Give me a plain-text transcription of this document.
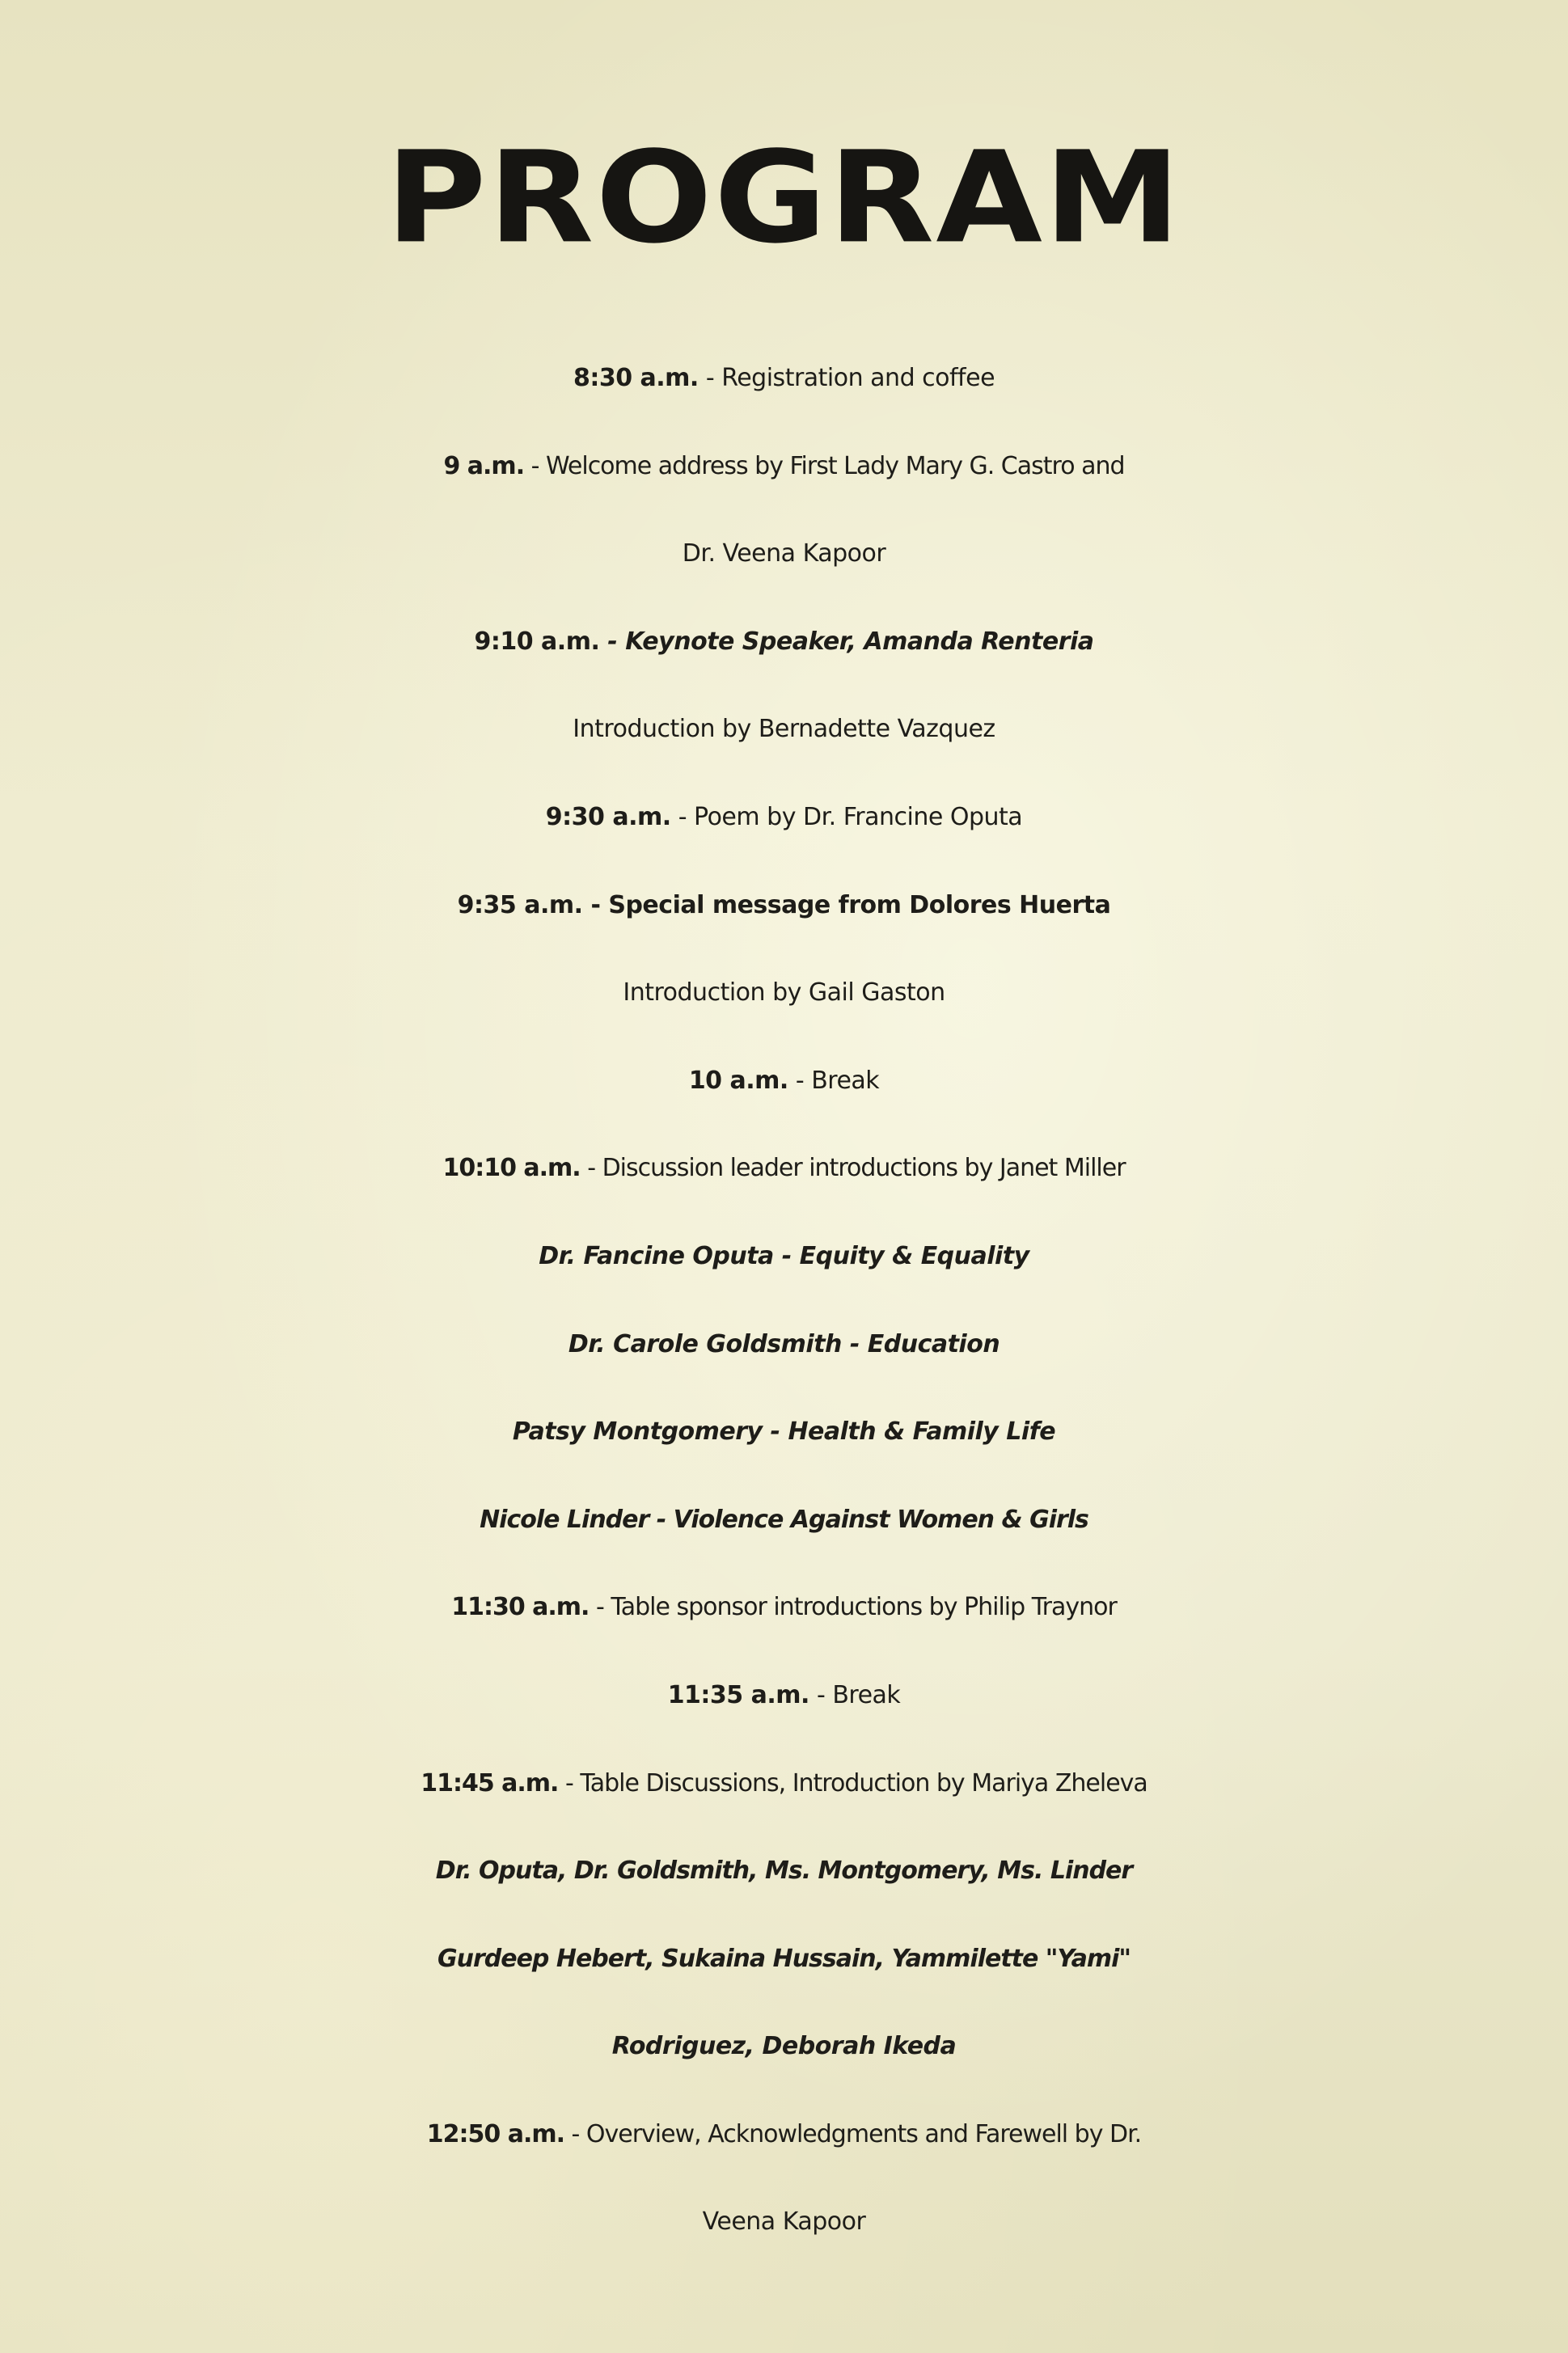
PROGRAM
8:30 a.m. - Registration and coffee
9 a.m. - Welcome address by First Lady Mary G. Castro and
Dr. Veena Kapoor
9:10 a.m. - Keynote Speaker, Amanda Renteria
Introduction by Bernadette Vazquez
9:30 a.m. - Poem by Dr. Francine Oputa
9:35 a.m. - Special message from Dolores Huerta
Introduction by Gail Gaston
10 a.m. - Break
10:10 a.m. - Discussion leader introductions by Janet Miller
Dr. Fancine Oputa - Equity & Equality
Dr. Carole Goldsmith - Education
Patsy Montgomery - Health & Family Life
Nicole Linder - Violence Against Women & Girls
11:30 a.m. - Table sponsor introductions by Philip Traynor
11:35 a.m. - Break
11:45 a.m. - Table Discussions, Introduction by Mariya Zheleva
Dr. Oputa, Dr. Goldsmith, Ms. Montgomery, Ms. Linder
Gurdeep Hebert, Sukaina Hussain, Yammilette "Yami"
Rodriguez, Deborah Ikeda
12:50 a.m. - Overview, Acknowledgments and Farewell by Dr.
Veena Kapoor
